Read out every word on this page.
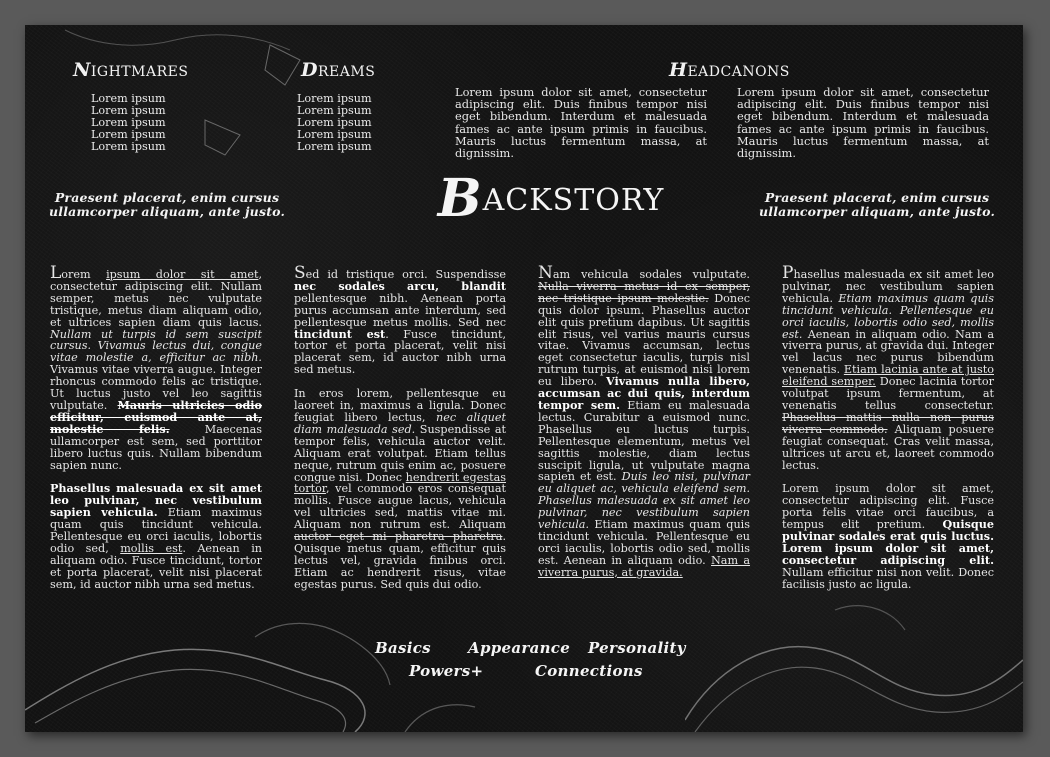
NIGHTMARES
Lorem ipsum
Lorem ipsum
Lorem ipsum
Lorem ipsum
Lorem ipsum
DREAMS
Lorem ipsum
Lorem ipsum
Lorem ipsum
Lorem ipsum
Lorem ipsum
HEADCANONS

Lorem ipsum dolor sit amet, consectetur adipiscing elit. Duis finibus tempor nisi eget bibendum. Interdum et malesuada fames ac ante ipsum primis in faucibus. Mauris luctus fermentum massa, at dignissim.

Lorem ipsum dolor sit amet, consectetur adipiscing elit. Duis finibus tempor nisi eget bibendum. Interdum et malesuada fames ac ante ipsum primis in faucibus. Mauris luctus fermentum massa, at dignissim.

Praesent placerat, enim cursus ullamcorper aliquam, ante justo.
Praesent placerat, enim cursus ullamcorper aliquam, ante justo.
BACKSTORY

Lorem ipsum dolor sit amet, consectetur adipiscing elit. Nullam semper, metus nec vulputate tristique, metus diam aliquam odio, et ultrices sapien diam quis lacus. Nullam ut turpis id sem suscipit cursus. Vivamus lectus dui, congue vitae molestie a, efficitur ac nibh. Vivamus vitae viverra augue. Integer rhoncus commodo felis ac tristique. Ut luctus justo vel leo sagittis vulputate. Mauris ultricies odio efficitur, euismod ante at, molestie felis. Maecenas ullamcorper est sem, sed porttitor libero luctus quis. Nullam bibendum sapien nunc.

Phasellus malesuada ex sit amet leo pulvinar, nec vestibulum sapien vehicula. Etiam maximus quam quis tincidunt vehicula. Pellentesque eu orci iaculis, lobortis odio sed, mollis est. Aenean in aliquam odio. Fusce tincidunt, tortor et porta placerat, velit nisi placerat sem, id auctor nibh urna sed metus.

Sed id tristique orci. Suspendisse nec sodales arcu, blandit pellentesque nibh. Aenean porta purus accumsan ante interdum, sed pellentesque metus mollis. Sed nec tincidunt est. Fusce tincidunt, tortor et porta placerat, velit nisi placerat sem, id auctor nibh urna sed metus.

In eros lorem, pellentesque eu laoreet in, maximus a ligula. Donec feugiat libero lectus, nec aliquet diam malesuada sed. Suspendisse at tempor felis, vehicula auctor velit. Aliquam erat volutpat. Etiam tellus neque, rutrum quis enim ac, posuere congue nisi. Donec hendrerit egestas tortor, vel commodo eros consequat mollis. Fusce augue lacus, vehicula vel ultricies sed, mattis vitae mi. Aliquam non rutrum est. Aliquam auctor eget mi pharetra pharetra. Quisque metus quam, efficitur quis lectus vel, gravida finibus orci. Etiam ac hendrerit risus, vitae egestas purus. Sed quis dui odio.

Nam vehicula sodales vulputate. Nulla viverra metus id ex semper, nec tristique ipsum molestie. Donec quis dolor ipsum. Phasellus auctor elit quis pretium dapibus. Ut sagittis elit risus, vel varius mauris cursus vitae. Vivamus accumsan, lectus eget consectetur iaculis, turpis nisl rutrum turpis, at euismod nisi lorem eu libero. Vivamus nulla libero, accumsan ac dui quis, interdum tempor sem. Etiam eu malesuada lectus. Curabitur a euismod nunc. Phasellus eu luctus turpis. Pellentesque elementum, metus vel sagittis molestie, diam lectus suscipit ligula, ut vulputate magna sapien et est. Duis leo nisi, pulvinar eu aliquet ac, vehicula eleifend sem. Phasellus malesuada ex sit amet leo pulvinar, nec vestibulum sapien vehicula. Etiam maximus quam quis tincidunt vehicula. Pellentesque eu orci iaculis, lobortis odio sed, mollis est. Aenean in aliquam odio. Nam a viverra purus, at gravida.

Phasellus malesuada ex sit amet leo pulvinar, nec vestibulum sapien vehicula. Etiam maximus quam quis tincidunt vehicula. Pellentesque eu orci iaculis, lobortis odio sed, mollis est. Aenean in aliquam odio. Nam a viverra purus, at gravida dui. Integer vel lacus nec purus bibendum venenatis. Etiam lacinia ante at justo eleifend semper. Donec lacinia tortor volutpat ipsum fermentum, at venenatis tellus consectetur. Phasellus mattis nulla non purus viverra commodo. Aliquam posuere feugiat consequat. Cras velit massa, ultrices ut arcu et, laoreet commodo lectus.

Lorem ipsum dolor sit amet, consectetur adipiscing elit. Fusce porta felis vitae orci faucibus, a tempus elit pretium. Quisque pulvinar sodales erat quis luctus. Lorem ipsum dolor sit amet, consectetur adipiscing elit. Nullam efficitur nisi non velit. Donec facilisis justo ac ligula.

Basics Appearance Personality
Powers+	Connections
